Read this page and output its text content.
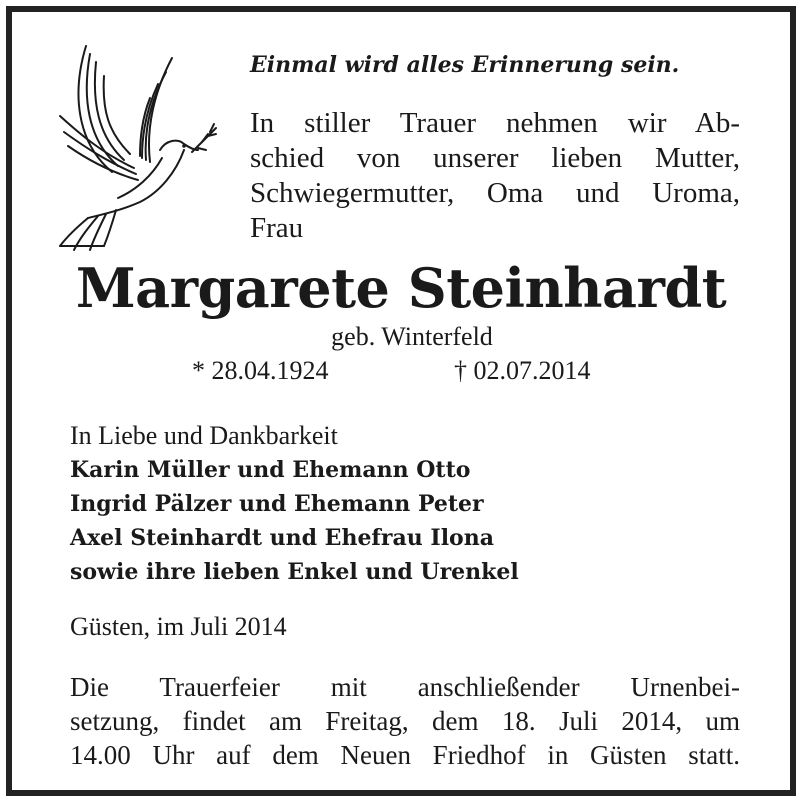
Einmal wird alles Erinnerung sein.
In stiller Trauer nehmen wir Ab-
schied von unserer lieben Mutter,
Schwiegermutter, Oma und Uroma,
Frau
Margarete Steinhardt
geb. Winterfeld
* 28.04.1924	† 02.07.2014
In Liebe und Dankbarkeit
Karin Müller und Ehemann Otto
Ingrid Pälzer und Ehemann Peter
Axel Steinhardt und Ehefrau Ilona
sowie ihre lieben Enkel und Urenkel
Güsten, im Juli 2014
Die Trauerfeier mit anschließender Urnenbei-
setzung, findet am Freitag, dem 18. Juli 2014, um
14.00 Uhr auf dem Neuen Friedhof in Güsten statt.
